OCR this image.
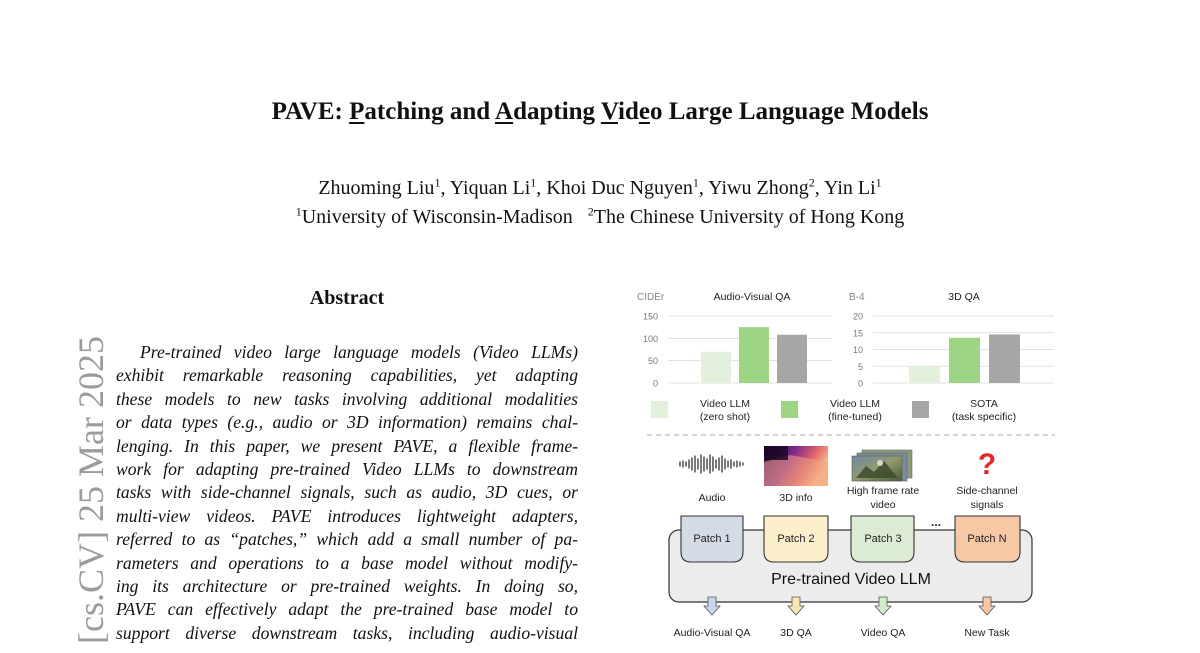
PAVE: Patching and Adapting Video Large Language Models
Zhuoming Liu$^1$, Yiquan Li$^1$, Khoi Duc Nguyen$^1$, Yiwu Zhong$^2$, Yin Li$^1$
$^1$University of Wisconsin-Madison $^2$The Chinese University of Hong Kong
[cs.CV] 25 Mar 2025
Abstract
Pre-trained video large language models (Video LLMs)
exhibit remarkable reasoning capabilities, yet adapting
these models to new tasks involving additional modalities
or data types (e.g., audio or 3D information) remains chal-
lenging. In this paper, we present PAVE, a flexible frame-
work for adapting pre-trained Video LLMs to downstream
tasks with side-channel signals, such as audio, 3D cues, or
multi-view videos. PAVE introduces lightweight adapters,
referred to as “patches,” which add a small number of pa-
rameters and operations to a base model without modify-
ing its architecture or pre-trained weights. In doing so,
PAVE can effectively adapt the pre-trained base model to
support diverse downstream tasks, including audio-visual
CIDEr	Audio-Visual QA
150
100
50
0
B-4	3D QA
20
15
10
5
0
Video LLM
(zero shot)
Video LLM
(fine-tuned)
SOTA
(task specific)
?
Audio	3D info
High frame rate
video
Side-channel
signals
Pre-trained Video LLM
Patch 1	Patch 2	Patch 3
...
Patch N
Audio-Visual QA	3D QA	Video QA	New Task
